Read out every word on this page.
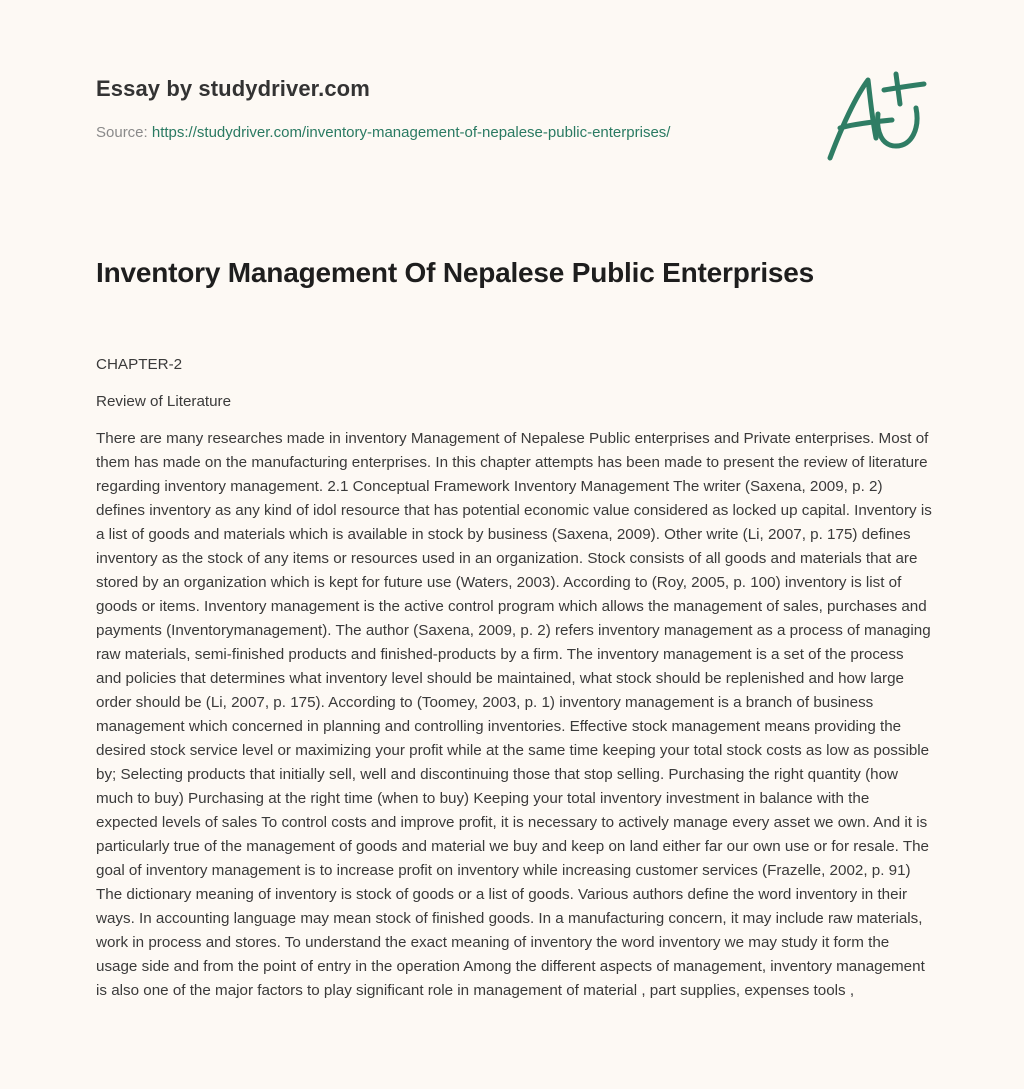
Essay by studydriver.com
Source: https://studydriver.com/inventory-management-of-nepalese-public-enterprises/
Inventory Management Of Nepalese Public Enterprises

CHAPTER-2

Review of Literature

There are many researches made in inventory Management of Nepalese Public enterprises and Private enterprises. Most of them has made on the manufacturing enterprises. In this chapter attempts has been made to present the review of literature regarding inventory management. 2.1 Conceptual Framework Inventory Management The writer (Saxena, 2009, p. 2) defines inventory as any kind of idol resource that has potential economic value considered as locked up capital. Inventory is a list of goods and materials which is available in stock by business (Saxena, 2009). Other write (Li, 2007, p. 175) defines inventory as the stock of any items or resources used in an organization. Stock consists of all goods and materials that are stored by an organization which is kept for future use (Waters, 2003). According to (Roy, 2005, p. 100) inventory is list of goods or items. Inventory management is the active control program which allows the management of sales, purchases and payments (Inventorymanagement). The author (Saxena, 2009, p. 2) refers inventory management as a process of managing raw materials, semi-finished products and finished-products by a firm. The inventory management is a set of the process and policies that determines what inventory level should be maintained, what stock should be replenished and how large order should be (Li, 2007, p. 175). According to (Toomey, 2003, p. 1) inventory management is a branch of business management which concerned in planning and controlling inventories. Effective stock management means providing the desired stock service level or maximizing your profit while at the same time keeping your total stock costs as low as possible by; Selecting products that initially sell, well and discontinuing those that stop selling. Purchasing the right quantity (how much to buy) Purchasing at the right time (when to buy) Keeping your total inventory investment in balance with the expected levels of sales To control costs and improve profit, it is necessary to actively manage every asset we own. And it is particularly true of the management of goods and material we buy and keep on land either far our own use or for resale. The goal of inventory management is to increase profit on inventory while increasing customer services (Frazelle, 2002, p. 91) The dictionary meaning of inventory is stock of goods or a list of goods. Various authors define the word inventory in their ways. In accounting language may mean stock of finished goods. In a manufacturing concern, it may include raw materials, work in process and stores. To understand the exact meaning of inventory the word inventory we may study it form the usage side and from the point of entry in the operation Among the different aspects of management, inventory management is also one of the major factors to play significant role in management of material , part supplies, expenses tools ,
